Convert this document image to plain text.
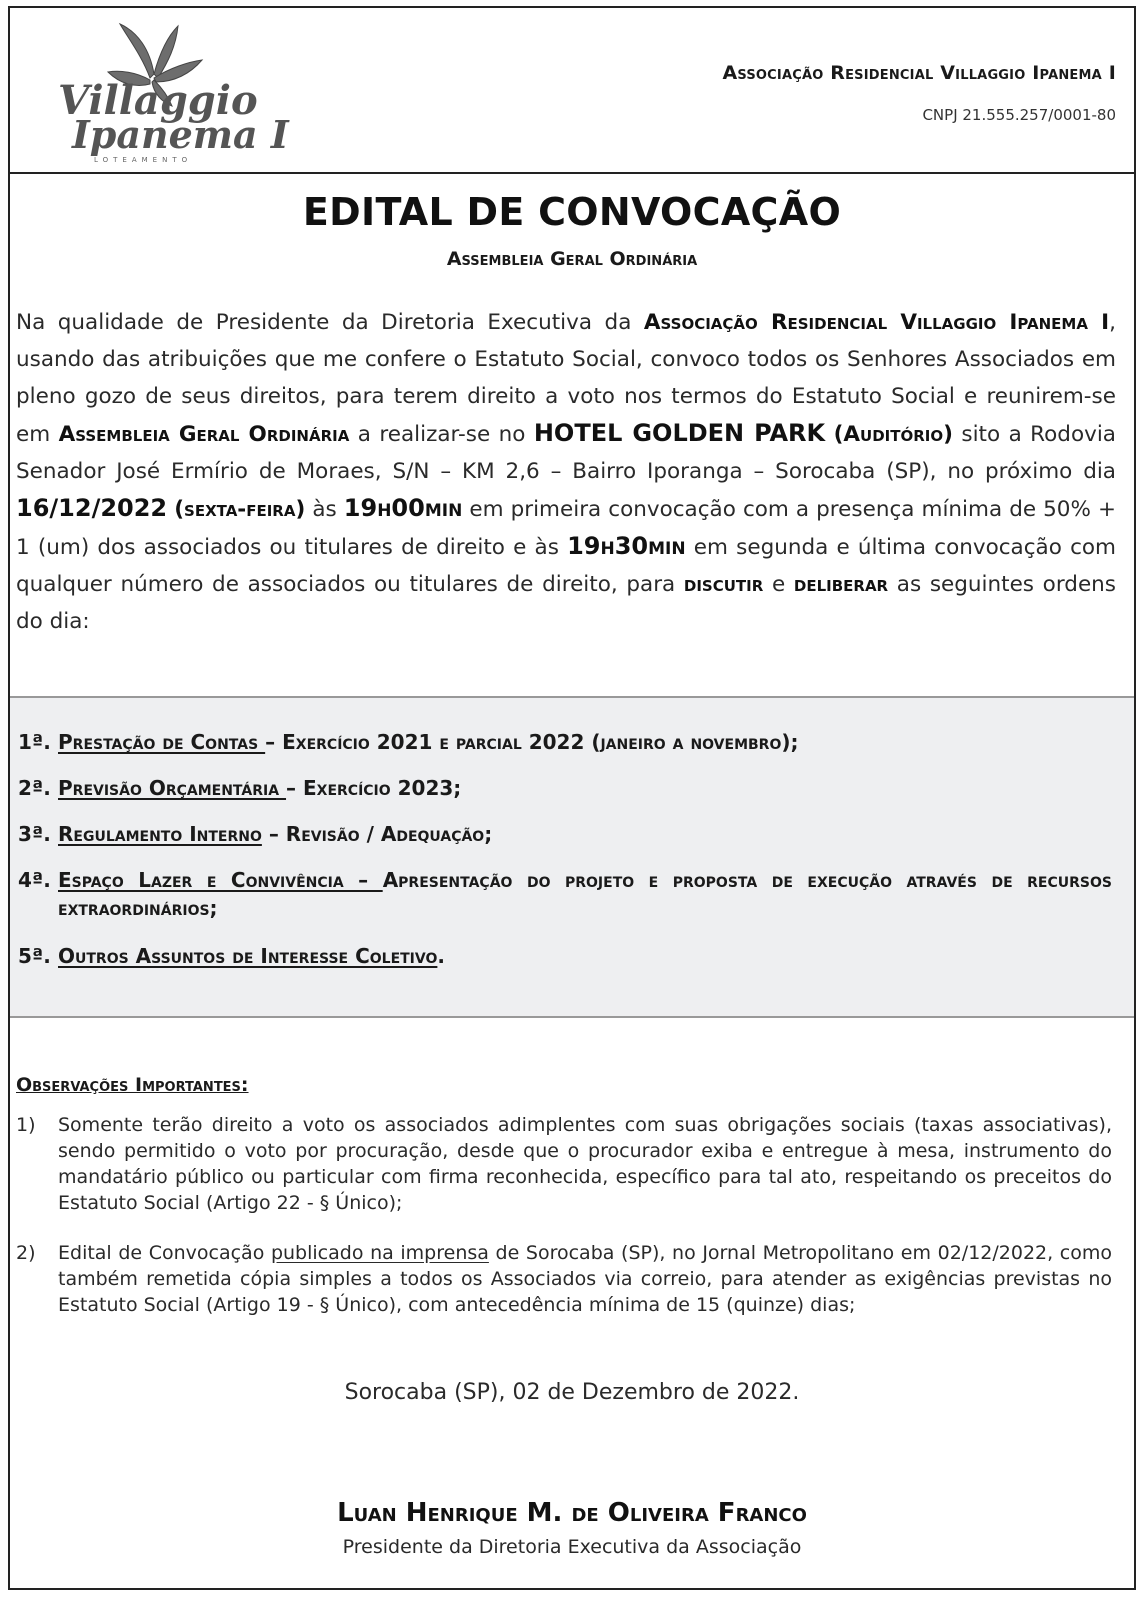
Villaggio
Ipanema I
LOTEAMENTO
Associação Residencial Villaggio Ipanema I
CNPJ 21.555.257/0001-80
EDITAL DE CONVOCAÇÃO
Assembleia Geral Ordinária
Na qualidade de Presidente da Diretoria Executiva da Associação Residencial Villaggio Ipanema I, usando das atribuições que me confere o Estatuto Social, convoco todos os Senhores Associados em pleno gozo de seus direitos, para terem direito a voto nos termos do Estatuto Social e reunirem-se em Assembleia Geral Ordinária a realizar-se no HOTEL GOLDEN PARK (Auditório) sito a Rodovia Senador José Ermírio de Moraes, S/N – KM 2,6 – Bairro Iporanga – Sorocaba (SP), no próximo dia 16/12/2022 (sexta-feira) às 19h00min em primeira convocação com a presença mínima de 50% + 1 (um) dos associados ou titulares de direito e às 19h30min em segunda e última convocação com qualquer número de associados ou titulares de direito, para discutir e deliberar as seguintes ordens do dia:
1ª. Prestação de Contas – Exercício 2021 e parcial 2022 (janeiro a novembro);
2ª. Previsão Orçamentária – Exercício 2023;
3ª. Regulamento Interno – Revisão / Adequação;
4ª. Espaço Lazer e Convivência – Apresentação do projeto e proposta de execução através de recursos extraordinários;
5ª. Outros Assuntos de Interesse Coletivo.
Observações Importantes:
1) Somente terão direito a voto os associados adimplentes com suas obrigações sociais (taxas associativas), sendo permitido o voto por procuração, desde que o procurador exiba e entregue à mesa, instrumento do mandatário público ou particular com firma reconhecida, específico para tal ato, respeitando os preceitos do Estatuto Social (Artigo 22 - § Único);
2) Edital de Convocação publicado na imprensa de Sorocaba (SP), no Jornal Metropolitano em 02/12/2022, como também remetida cópia simples a todos os Associados via correio, para atender as exigências previstas no Estatuto Social (Artigo 19 - § Único), com antecedência mínima de 15 (quinze) dias;
Sorocaba (SP), 02 de Dezembro de 2022.
Luan Henrique M. de Oliveira Franco
Presidente da Diretoria Executiva da Associação
